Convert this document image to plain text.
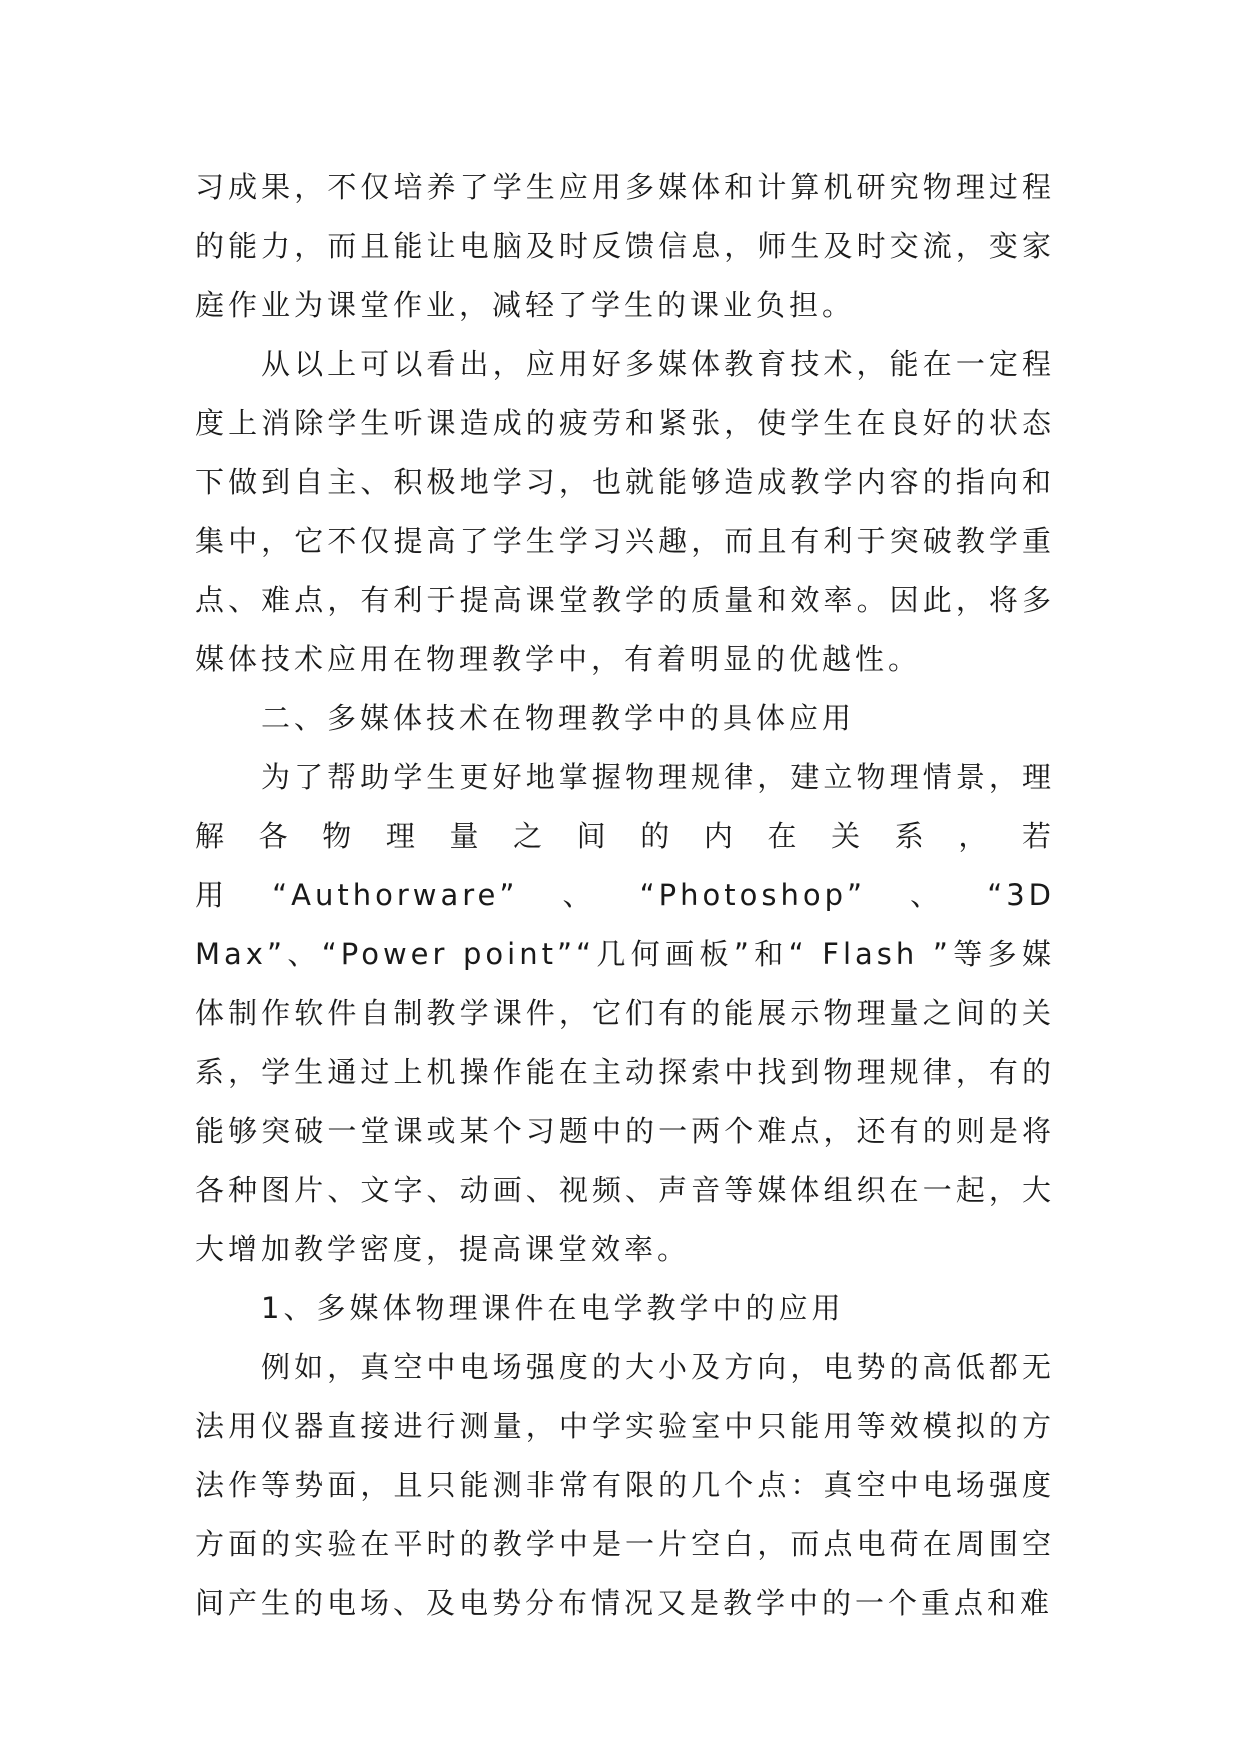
习成果，不仅培养了学生应用多媒体和计算机研究物理过程的能力，而且能让电脑及时反馈信息，师生及时交流，变家庭作业为课堂作业，减轻了学生的课业负担。

从以上可以看出，应用好多媒体教育技术，能在一定程度上消除学生听课造成的疲劳和紧张，使学生在良好的状态下做到自主、积极地学习，也就能够造成教学内容的指向和集中，它不仅提高了学生学习兴趣，而且有利于突破教学重点、难点，有利于提高课堂教学的质量和效率。因此，将多媒体技术应用在物理教学中，有着明显的优越性。

二、多媒体技术在物理教学中的具体应用

为了帮助学生更好地掌握物理规律，建立物理情景，理解各物理量之间的内在关系，若用“Authorware”、“Photoshop”、“3D Max”、“Power point”“几何画板”和“ Flash ”等多媒体制作软件自制教学课件，它们有的能展示物理量之间的关系，学生通过上机操作能在主动探索中找到物理规律，有的能够突破一堂课或某个习题中的一两个难点，还有的则是将各种图片、文字、动画、视频、声音等媒体组织在一起，大大增加教学密度，提高课堂效率。

1、多媒体物理课件在电学教学中的应用

例如，真空中电场强度的大小及方向，电势的高低都无法用仪器直接进行测量，中学实验室中只能用等效模拟的方法作等势面，且只能测非常有限的几个点：真空中电场强度方面的实验在平时的教学中是一片空白，而点电荷在周围空间产生的电场、及电势分布情况又是教学中的一个重点和难
